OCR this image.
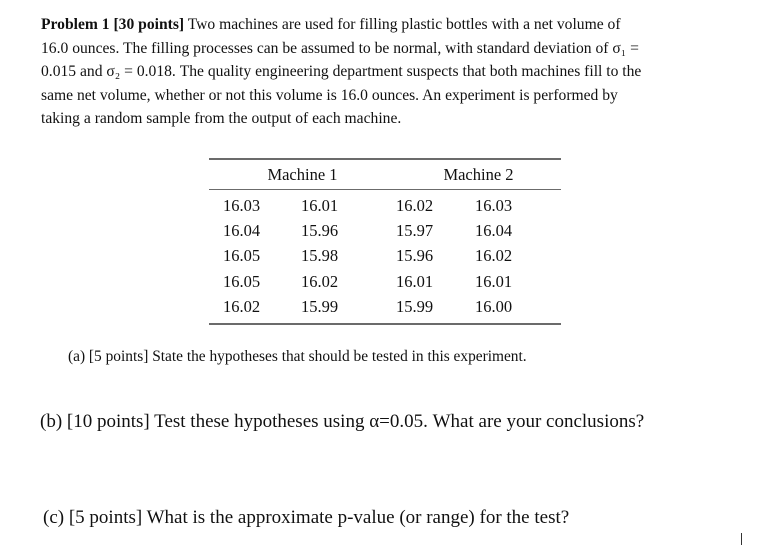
Problem 1 [30 points] Two machines are used for filling plastic bottles with a net volume of
16.0 ounces. The filling processes can be assumed to be normal, with standard deviation of σ₁ =
0.015 and σ₂ = 0.018. The quality engineering department suspects that both machines fill to the
same net volume, whether or not this volume is 16.0 ounces. An experiment is performed by
taking a random sample from the output of each machine.

Machine 1		Machine 2	
16.03	16.01	16.02	16.03
16.04	15.96	15.97	16.04
16.05	15.98	15.96	16.02
16.05	16.02	16.01	16.01
16.02	15.99	15.99	16.00

(a) [5 points] State the hypotheses that should be tested in this experiment.

(b) [10 points] Test these hypotheses using α=0.05. What are your conclusions?

(c) [5 points] What is the approximate p-value (or range) for the test?
